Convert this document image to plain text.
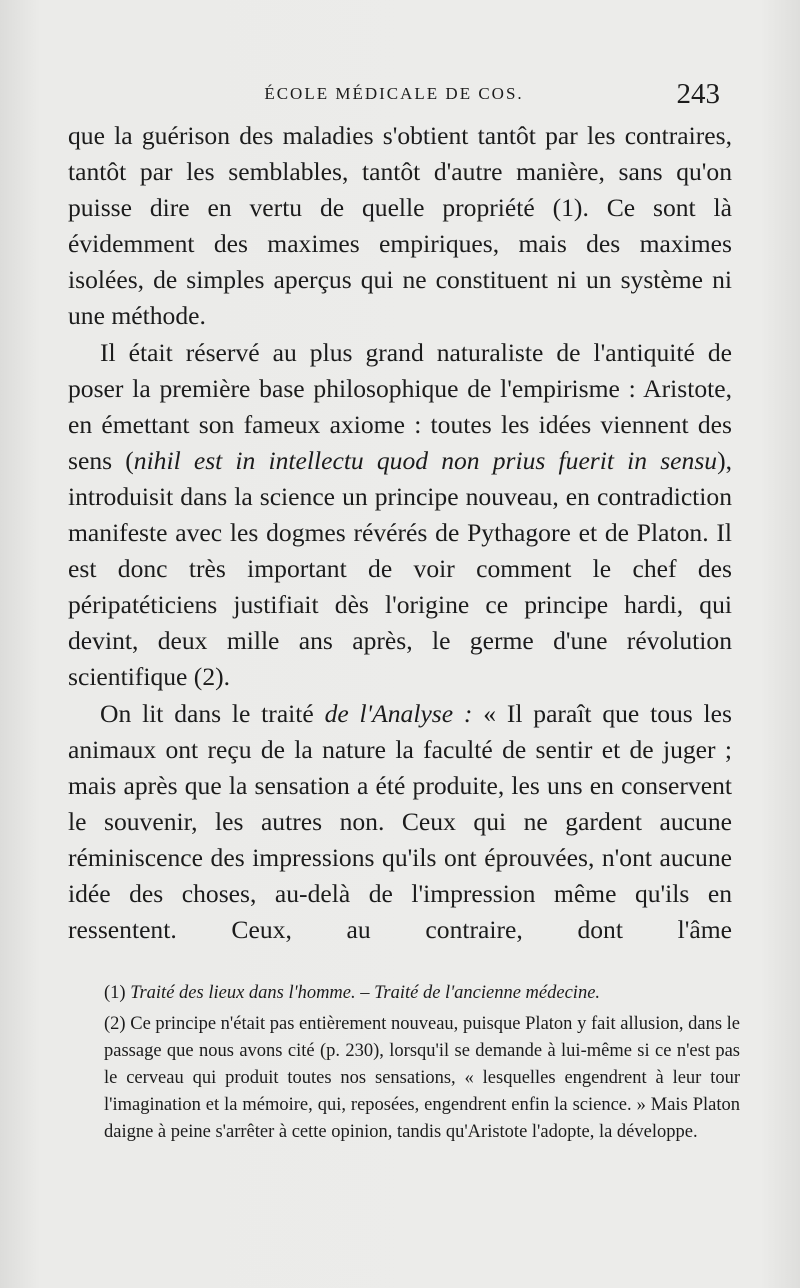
ÉCOLE MÉDICALE DE COS.	243

que la guérison des maladies s'obtient tantôt par les contraires, tantôt par les semblables, tantôt d'autre manière, sans qu'on puisse dire en vertu de quelle propriété (1). Ce sont là évidemment des maximes empiriques, mais des maximes isolées, de simples aperçus qui ne constituent ni un système ni une méthode.

Il était réservé au plus grand naturaliste de l'antiquité de poser la première base philosophique de l'empirisme : Aristote, en émettant son fameux axiome : toutes les idées viennent des sens (nihil est in intellectu quod non prius fuerit in sensu), introduisit dans la science un principe nouveau, en contradiction manifeste avec les dogmes révérés de Pythagore et de Platon. Il est donc très important de voir comment le chef des péripatéticiens justifiait dès l'origine ce principe hardi, qui devint, deux mille ans après, le germe d'une révolution scientifique (2).

On lit dans le traité de l'Analyse : « Il paraît que tous les animaux ont reçu de la nature la faculté de sentir et de juger ; mais après que la sensation a été produite, les uns en conservent le souvenir, les autres non. Ceux qui ne gardent aucune réminiscence des impressions qu'ils ont éprouvées, n'ont aucune idée des choses, au-delà de l'impression même qu'ils en ressentent. Ceux, au contraire, dont l'âme

(1) Traité des lieux dans l'homme. – Traité de l'ancienne médecine.

(2) Ce principe n'était pas entièrement nouveau, puisque Platon y fait allusion, dans le passage que nous avons cité (p. 230), lorsqu'il se demande à lui-même si ce n'est pas le cerveau qui produit toutes nos sensations, « lesquelles engendrent à leur tour l'imagination et la mémoire, qui, reposées, engendrent enfin la science. » Mais Platon daigne à peine s'arrêter à cette opinion, tandis qu'Aristote l'adopte, la développe.
